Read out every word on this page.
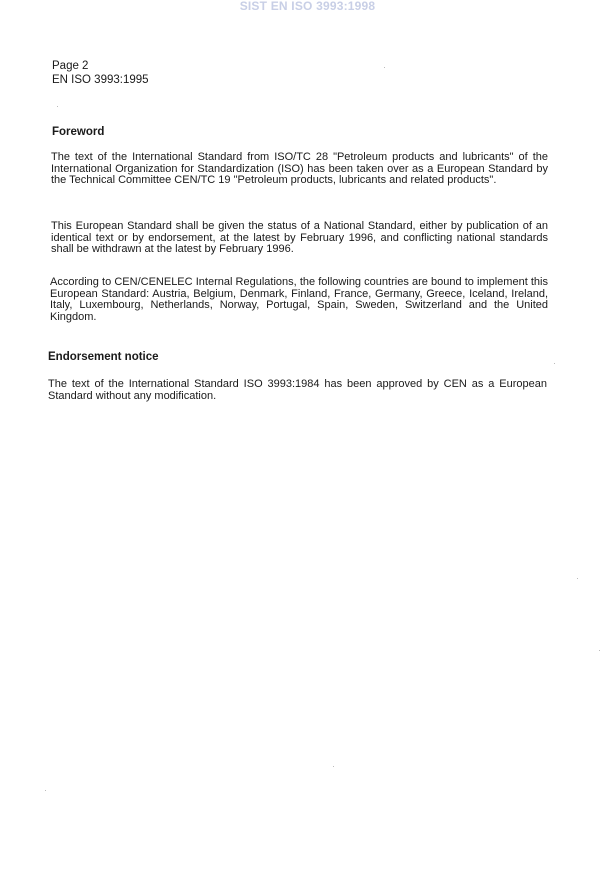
SIST EN ISO 3993:1998
Page 2
EN ISO 3993:1995
Foreword
The text of the International Standard from ISO/TC 28 "Petroleum products and lubricants" of the International Organization for Standardization (ISO) has been taken over as a European Standard by the Technical Committee CEN/TC 19 "Petroleum products, lubricants and related products".
This European Standard shall be given the status of a National Standard, either by publication of an identical text or by endorsement, at the latest by February 1996, and conflicting national standards shall be withdrawn at the latest by February 1996.
According to CEN/CENELEC Internal Regulations, the following countries are bound to implement this European Standard: Austria, Belgium, Denmark, Finland, France, Germany, Greece, Iceland, Ireland, Italy, Luxembourg, Netherlands, Norway, Portugal, Spain, Sweden, Switzerland and the United Kingdom.
Endorsement notice
The text of the International Standard ISO 3993:1984 has been approved by CEN as a European Standard without any modification.
